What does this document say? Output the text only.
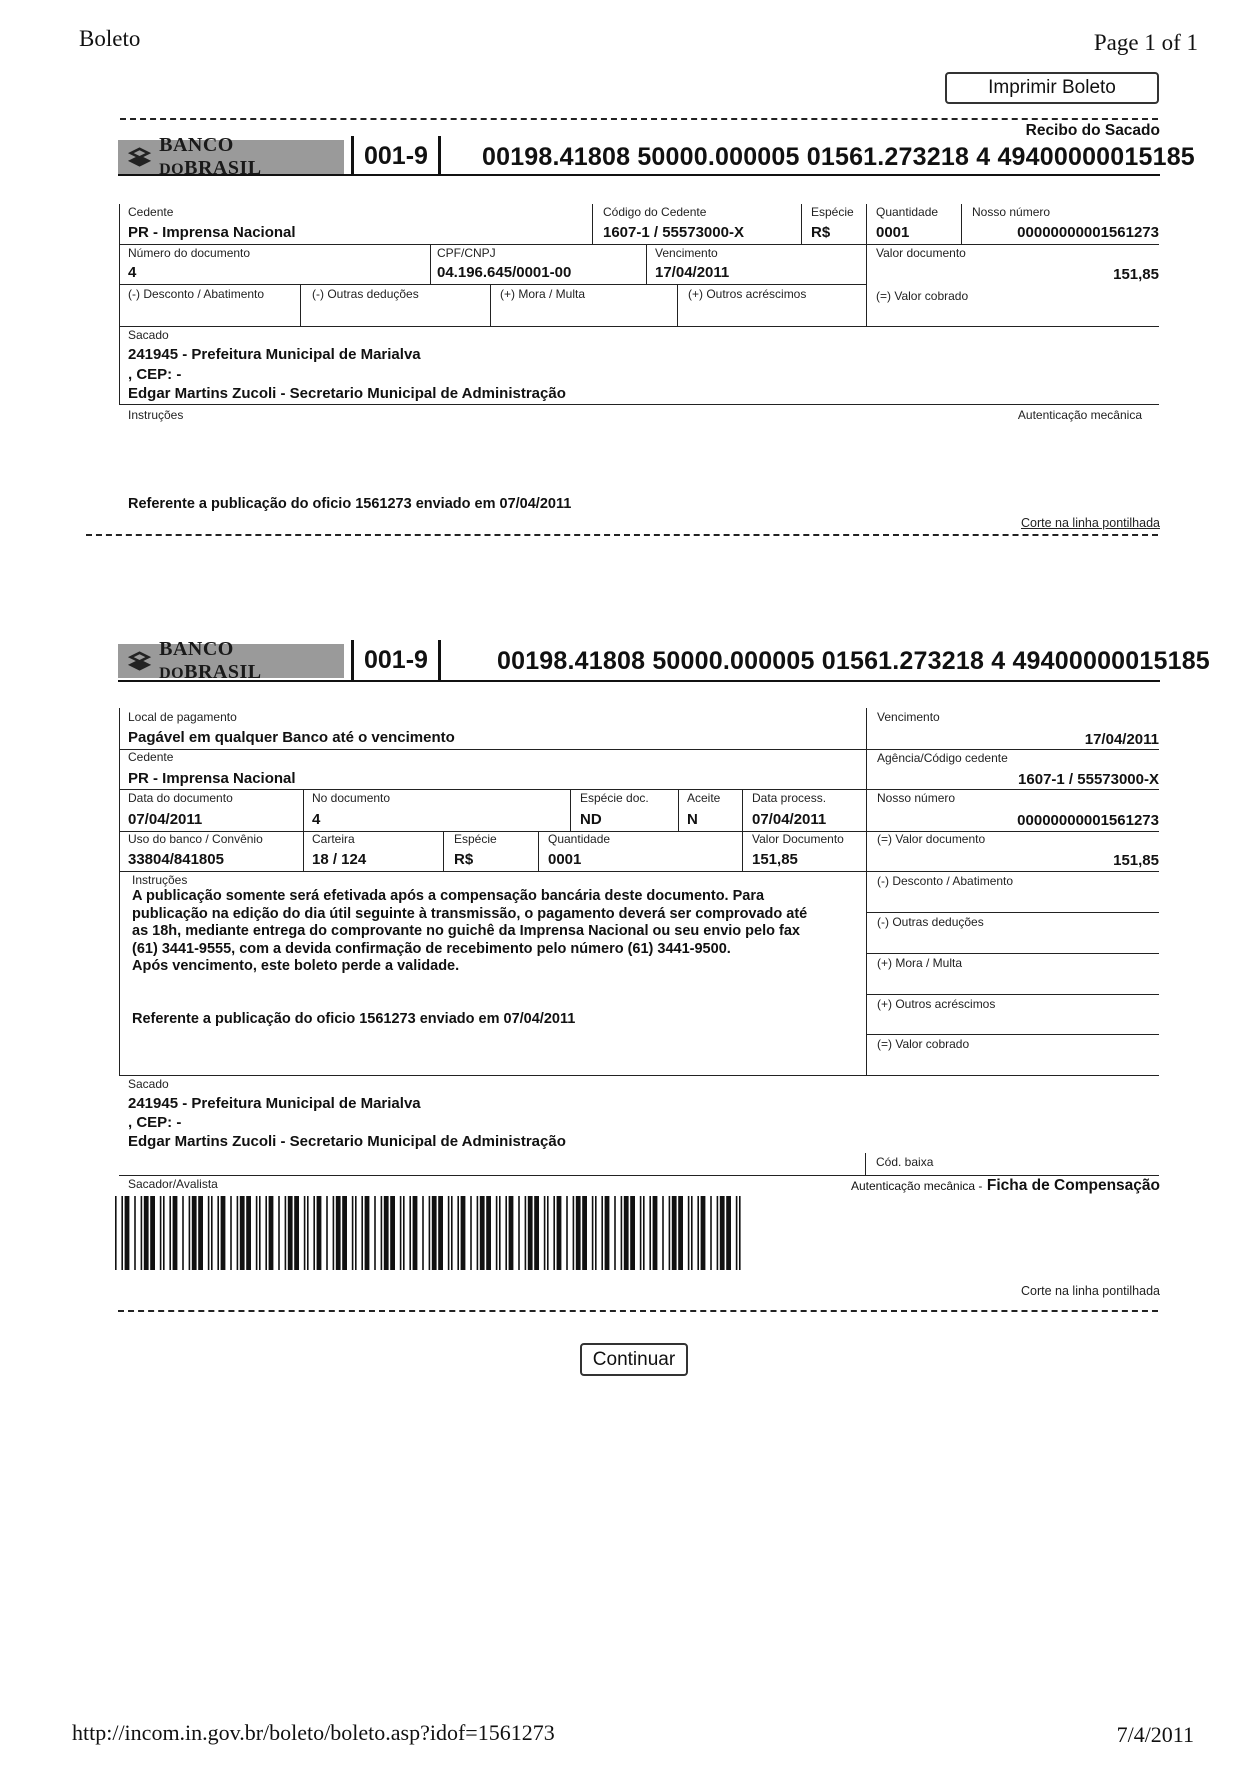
Boleto	Page 1 of 1
Imprimir Boleto
Recibo do Sacado
BANCO DOBRASIL	001-9	00198.41808 50000.000005 01561.273218 4 49400000015185
Cedente
PR - Imprensa Nacional
Código do Cedente
1607-1 / 55573000-X
Espécie
R$
Quantidade
0001
Nosso número
00000000001561273
Número do documento
4
CPF/CNPJ
04.196.645/0001-00
Vencimento
17/04/2011
Valor documento
151,85
(-) Desconto / Abatimento	(-) Outras deduções	(+) Mora / Multa	(+) Outros acréscimos	(=) Valor cobrado
Sacado
241945 - Prefeitura Municipal de Marialva
, CEP: -
Edgar Martins Zucoli - Secretario Municipal de Administração
Instruções	Autenticação mecânica
Referente a publicação do oficio 1561273 enviado em 07/04/2011
Corte na linha pontilhada
BANCO DOBRASIL	001-9	00198.41808 50000.000005 01561.273218 4 49400000015185
Local de pagamento
Pagável em qualquer Banco até o vencimento
Vencimento
17/04/2011
Cedente
PR - Imprensa Nacional
Agência/Código cedente
1607-1 / 55573000-X
Data do documento
07/04/2011
No documento
4
Espécie doc.
ND
Aceite
N
Data process.
07/04/2011
Nosso número
00000000001561273
Uso do banco / Convênio
33804/841805
Carteira
18 / 124
Espécie
R$
Quantidade
0001
Valor Documento
151,85
(=) Valor documento
151,85
Instruções
A publicação somente será efetivada após a compensação bancária deste documento. Para
publicação na edição do dia útil seguinte à transmissão, o pagamento deverá ser comprovado até
as 18h, mediante entrega do comprovante no guichê da Imprensa Nacional ou seu envio pelo fax
(61) 3441-9555, com a devida confirmação de recebimento pelo número (61) 3441-9500.
Após vencimento, este boleto perde a validade.
Referente a publicação do oficio 1561273 enviado em 07/04/2011
(-) Desconto / Abatimento
(-) Outras deduções
(+) Mora / Multa
(+) Outros acréscimos
(=) Valor cobrado
Sacado
241945 - Prefeitura Municipal de Marialva
, CEP: -
Edgar Martins Zucoli - Secretario Municipal de Administração
Cód. baixa
Sacador/Avalista	Autenticação mecânica - Ficha de Compensação
Corte na linha pontilhada
Continuar
http://incom.in.gov.br/boleto/boleto.asp?idof=1561273	7/4/2011
